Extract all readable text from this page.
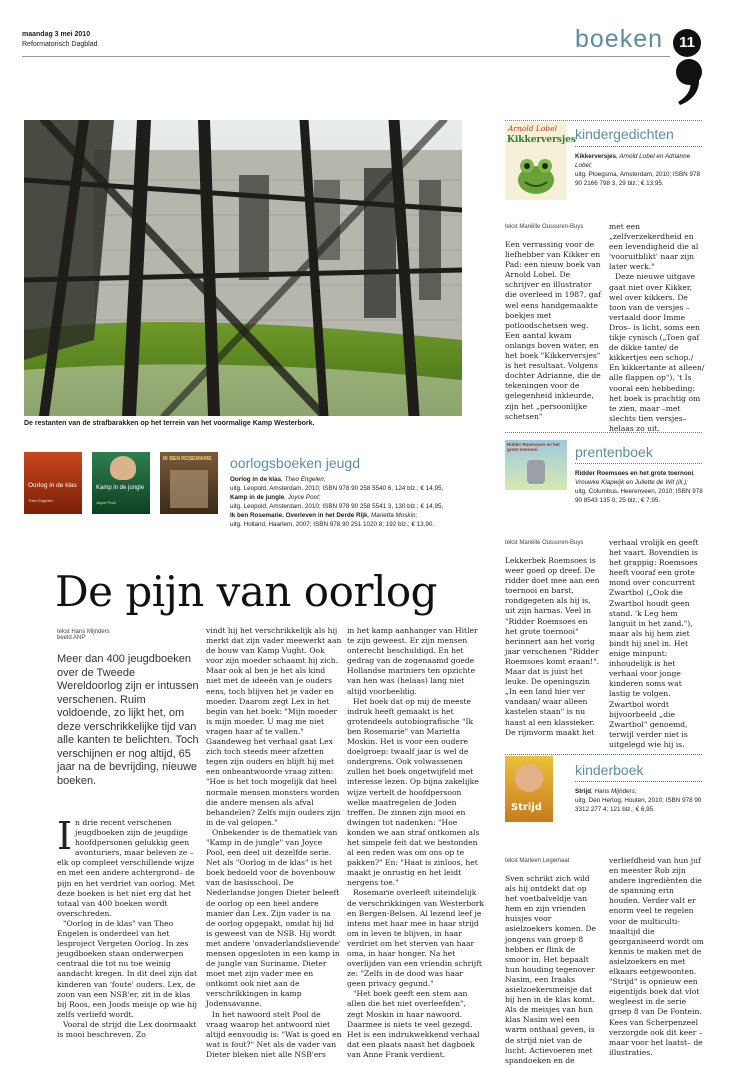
maandag 3 mei 2010
Reformatorisch Dagblad	boeken	11
De restanten van de strafbarakken op het terrein van het voormalige Kamp Westerbork.
Oorlog in de klas
Theo Engelen
Kamp in de jungle
Joyce Pool
IK BEN ROSEMARIE oorlogsboeken jeugd
Oorlog in de klas, Theo Engelen;
uitg. Leopold, Amsterdam, 2010; ISBN 978 90 258 5540 6, 124 blz.; € 14,95,
Kamp in de jungle, Joyce Pool;
uitg. Leopold, Amsterdam, 2010; ISBN 978 90 258 5541 3, 130 blz.; € 14,95,
Ik ben Rosemarie. Overleven in het Derde Rijk, Marietta Moskin;
uitg. Holland, Haarlem, 2007; ISBN 978 90 251 1020 8; 192 blz.; € 13,90.
De pijn van oorlog
tekst Hans Mijnders
beeld ANP
Meer dan 400 jeugdboeken over de Tweede Wereldoorlog zijn er intussen verschenen. Ruim voldoende, zo lijkt het, om deze verschrikkelijke tijd van alle kanten te belichten. Toch verschijnen er nog altijd, 65 jaar na de bevrijding, nieuwe boeken.

In drie recent verschenen jeugdboeken zijn de jeugdige hoofdpersonen gelukkig geen avonturiers, maar beleven ze –elk op compleet verschillende wijze en met een andere achtergrond– de pijn en het verdriet van oorlog. Met deze boeken is het niet erg dat het totaal van 400 boeken wordt overschreden.

"Oorlog in de klas" van Theo Engelen is onderdeel van het lesproject Vergeten Oorlog. In zes jeugdboeken staan onderwerpen centraal die tot nu toe weinig aandacht kregen. In dit deel zijn dat kinderen van 'foute' ouders. Lex, de zoon van een NSB'er, zit in de klas bij Roos, een Joods meisje op wie hij zelfs verliefd wordt.

Vooral de strijd die Lex doormaakt is mooi beschreven. Zo

vindt hij het verschrikkelijk als hij merkt dat zijn vader meewerkt aan de bouw van Kamp Vught. Ook voor zijn moeder schaamt hij zich. Maar ook al ben je het als kind niet met de ideeën van je ouders eens, toch blijven het je vader en moeder. Daarom zegt Lex in het begin van het boek: "Mijn moeder is mijn moeder. U mag me niet vragen haar af te vallen." Gaandeweg het verhaal gaat Lex zich toch steeds meer afzetten tegen zijn ouders en blijft hij met een onbeantwoorde vraag zitten: "Hoe is het toch mogelijk dat heel normale mensen monsters worden die andere mensen als afval behandelen? Zelfs mijn ouders zijn in de val gelopen."

Onbekender is de thematiek van "Kamp in de jungle" van Joyce Pool, een deel uit dezelfde serie. Net als "Oorlog in de klas" is het boek bedoeld voor de bovenbouw van de basisschool. De Nederlandse jongen Dieter beleeft de oorlog op een heel andere manier dan Lex. Zijn vader is na de oorlog opgepakt, omdat hij lid is geweest van de NSB. Hij wordt met andere 'onvaderlandslievende' mensen opgesloten in een kamp in de jungle van Suriname. Dieter moet met zijn vader mee en ontkomt ook niet aan de verschrikkingen in kamp Jodensavanne.

In het nawoord stelt Pool de vraag waarop het antwoord niet altijd eenvoudig is: "Wat is goed en wat is fout?" Net als de vader van Dieter bleken niet alle NSB'ers

in het kamp aanhanger van Hitler te zijn geweest. Er zijn mensen onterecht beschuldigd. En het gedrag van de zogenaamd goede Hollandse mariniers ten opzichte van hen was (helaas) lang niet altijd voorbeeldig.

Het boek dat op mij de meeste indruk heeft gemaakt is het grotendeels autobiografische "Ik ben Rosemarie" van Marietta Moskin. Het is voor een oudere doelgroep: twaalf jaar is wel de ondergrens. Ook volwassenen zullen het boek ongetwijfeld met interesse lezen. Op bijna zakelijke wijze vertelt de hoofdpersoon welke maatregelen de Joden treffen. De zinnen zijn mooi en dwingen tot nadenken: "Hoe konden we aan straf ontkomen als het simpele feit dat we bestonden al een reden was om ons op te pakken?" En: "Haat is zinloos, het maakt je onrustig en het leidt nergens toe."

Rosemarie overleeft uiteindelijk de verschrikkingen van Westerbork en Bergen-Belsen. Al lezend leef je intens met haar mee in haar strijd om in leven te blijven, in haar verdriet om het sterven van haar oma, in haar honger. Na het overlijden van een vriendin schrijft ze: "Zelfs in de dood was haar geen privacy gegund."

"Het boek geeft een stem aan allen die het niet overleefden", zegt Moskin in haar nawoord. Daarmee is niets te veel gezegd. Het is een indrukwekkend verhaal dat een plaats naast het dagboek van Anne Frank verdient.

Arnold Lobel
Kikkerversjes kindergedichten
Kikkerversjes, Arnold Lobel en Adrianne Lobel;
uitg. Ploegsma, Amsterdam, 2010; ISBN 978 90 2166 798 3, 29 blz.; € 13,95.
tekst Mariëlle Oussoren-Buys

Een verrassing voor de liefhebber van Kikker en Pad: een nieuw boek van Arnold Lobel. De schrijver en illustrator die overleed in 1987, gaf wel eens handgemaakte boekjes met potloodschetsen weg. Een aantal kwam onlangs boven water, en het boek "Kikkerversjes" is het resultaat. Volgens dochter Adrianne, die de tekeningen voor de gelegenheid inkleurde, zijn het „persoonlijke schetsen"

met een „zelfverzekerdheid en een levendigheid die al 'vooruitblikt' naar zijn later werk."

Deze nieuwe uitgave gaat niet over Kikker, wel over kikkers. De toon van de versjes –vertaald door Imme Dros– is licht, soms een tikje cynisch („Toen gaf de dikke tante/ de kikkertjes een schop./ En kikkertante at alleen/ alle flappen op"). 't Is vooral een hebbeding: het boek is prachtig om te zien, maar –met slechts tien versjes– helaas zo uit.

Ridder Roemsoes en het grote toernooi	prentenboek
Ridder Roemsoes en het grote toernooi, Vrouwke Klapwijk en Juliette de Wit (ill.);
uitg. Columbus, Heerenveen, 2010; ISBN 978 90 8543 135 0; 25 blz.; € 7,95.
tekst Mariëlle Oussoren-Buys

Lekkerbek Roemsoes is weer goed op dreef. De ridder doet mee aan een toernooi en barst, rondgegeten als hij is, uit zijn harnas. Veel in "Ridder Roemsoes en het grote toernooi" herinnert aan het vorig jaar verschenen "Ridder Roemsoes komt eraan!". Maar dat is juist het leuke. De openingszin „In een land hier ver vandaan/ waar alleen kastelen staan" is nu haast al een klassieker. De rijmvorm maakt het

verhaal vrolijk en geeft het vaart. Bovendien is het grappig: Roemsoes heeft vooraf een grote mond over concurrent Zwartbol („Ook die Zwartbol houdt geen stand. 'k Leg hem languit in het zand."), maar als hij hem ziet bindt hij snel in. Het enige minpunt: inhoudelijk is het verhaal voor jonge kinderen soms wat lastig te volgen. Zwartbol wordt bijvoorbeeld „die Zwartbol" genoemd, terwijl verder niet is uitgelegd wie hij is.

Strijd
kinderboek
Strijd, Hans Mijnders;
uitg. Den Hertog, Houten, 2010; ISBN 978 90 3312 277 4; 121 blz.; € 6,95.
tekst Marleen Legemaat

Sven schrikt zich wild als hij ontdekt dat op het voetbalveldje van hem en zijn vrienden huisjes voor asielzoekers komen. De jongens van groep 8 hebben er flink de smoor in. Het bepaalt hun houding tegenover Nasim, een Iraaks asielzoekersmeisje dat bij hen in de klas komt. Als de meisjes van hun klas Nasim wel een warm onthaal geven, is de strijd niet van de lucht. Actievoeren met spandoeken en de

verliefdheid van hun juf en meester Rob zijn andere ingrediënten die de spanning erin houden. Verder valt er enorm veel te regelen voor de multiculti-maaltijd die georganiseerd wordt om kennis te maken met de asielzoekers en met elkaars eetgewoonten. "Strijd" is opnieuw een eigentijds boek dat vlot wegleest in de serie groep 8 van De Fontein. Kees van Scherpenzeel verzorgde ook dit keer –maar voor het laatst– de illustraties.
